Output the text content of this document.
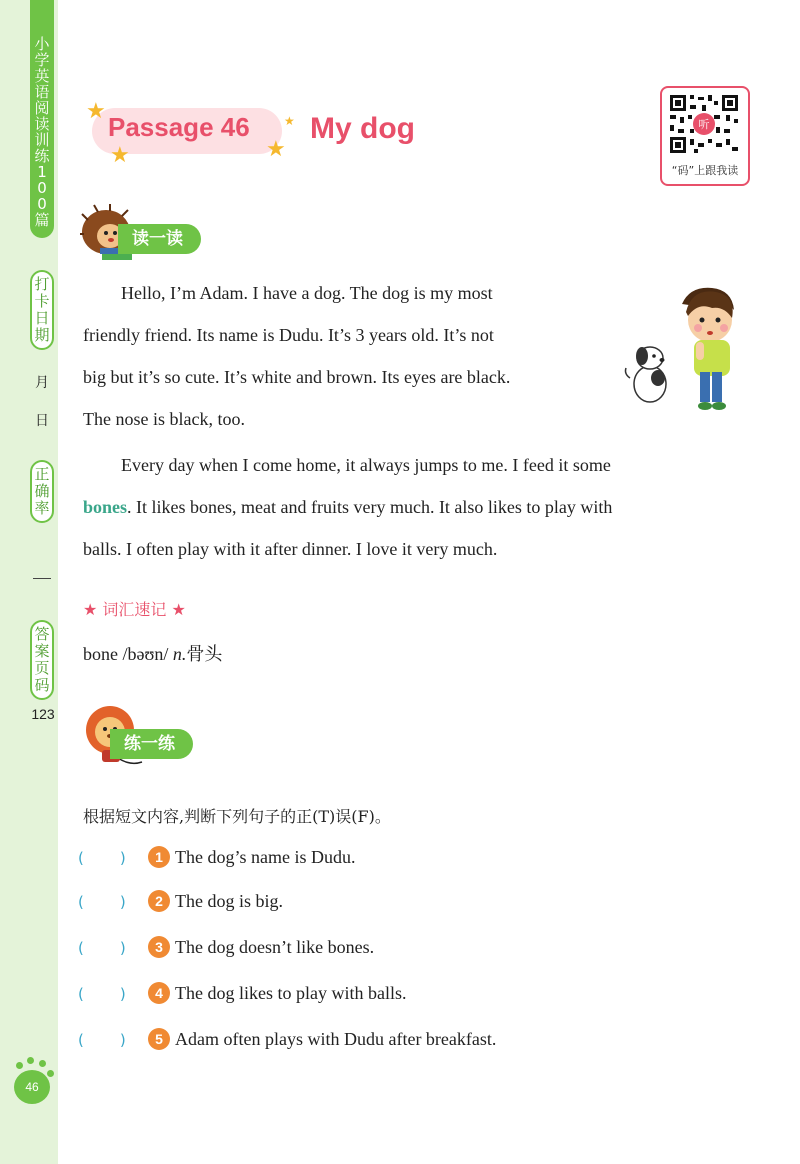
小
学
英
语
阅
读
训
练
1
0
0
篇
打
卡
日
期
月
日
正
确
率
答
案
页
码
123
46
★
★	★
★
Passage 46 My dog	听
“码”上跟我读
读一读
Hello, I’m Adam. I have a dog. The dog is my most
friendly friend. Its name is Dudu. It’s 3 years old. It’s not
big but it’s so cute. It’s white and brown. Its eyes are black.
The nose is black, too.
Every day when I come home, it always jumps to me. I feed it some
bones. It likes bones, meat and fruits very much. It also likes to play with
balls. I often play with it after dinner. I love it very much.
★ 词汇速记 ★
bone /bəʊn/ n.骨头
练一练
根据短文内容,判断下列句子的正(T)误(F)。
( ) 1 The dog’s name is Dudu.
( ) 2 The dog is big.
( ) 3 The dog doesn’t like bones.
( ) 4 The dog likes to play with balls.
( ) 5 Adam often plays with Dudu after breakfast.
